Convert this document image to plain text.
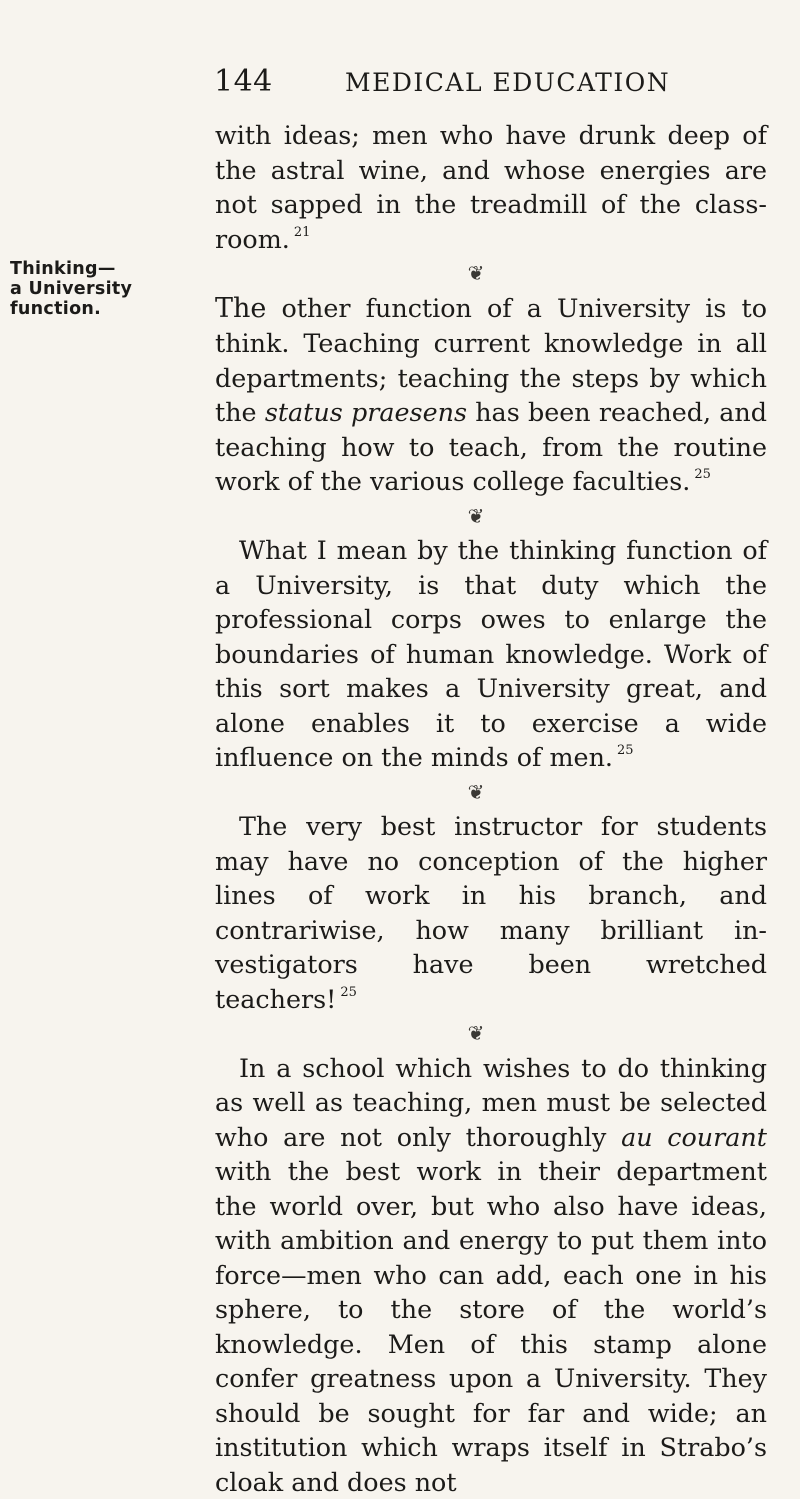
144	MEDICAL EDUCATION
Thinking—
a University
function.

with ideas; men who have drunk deep of the astral wine, and whose energies are not sapped in the treadmill of the class-room. $^{21}$

❦

The other function of a University is to think. Teaching current knowledge in all departments; teaching the steps by which the status praesens has been reached, and teaching how to teach, from the routine work of the various college faculties. $^{25}$

❦

What I mean by the thinking function of a University, is that duty which the professional corps owes to enlarge the boundaries of human knowledge. Work of this sort makes a University great, and alone enables it to exercise a wide influence on the minds of men. $^{25}$

❦

The very best instructor for students may have no conception of the higher lines of work in his branch, and contrariwise, how many brilliant in-vestigators have been wretched teachers! $^{25}$

❦

In a school which wishes to do thinking as well as teaching, men must be selected who are not only thoroughly au courant with the best work in their department the world over, but who also have ideas, with ambition and energy to put them into force—men who can add, each one in his sphere, to the store of the world’s knowledge. Men of this stamp alone confer greatness upon a University. They should be sought for far and wide; an institution which wraps itself in Strabo’s cloak and does not
